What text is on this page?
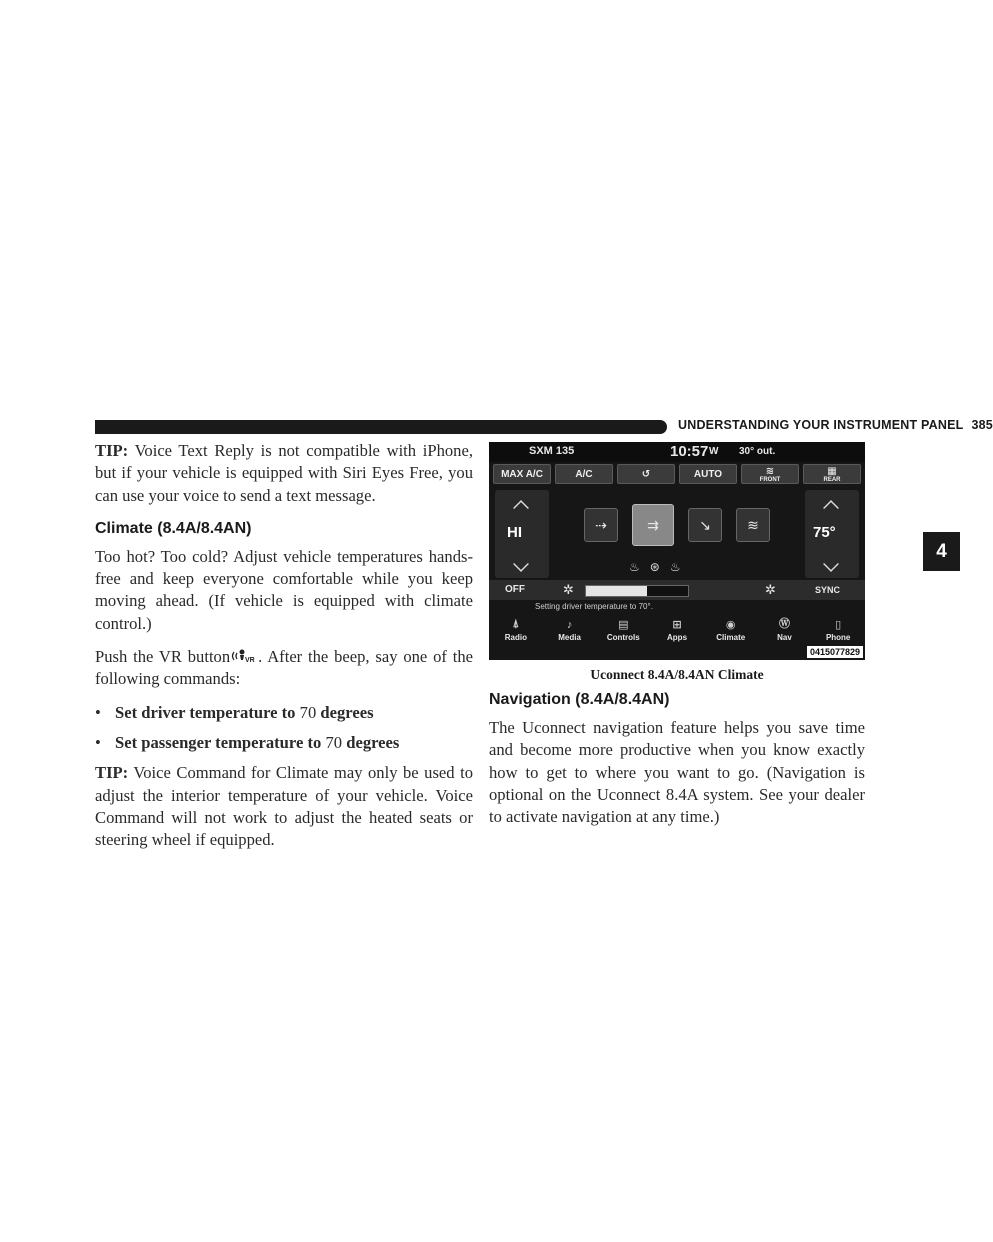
UNDERSTANDING YOUR INSTRUMENT PANEL 385
4

TIP: Voice Text Reply is not compatible with iPhone, but if your vehicle is equipped with Siri Eyes Free, you can use your voice to send a text message.

Climate (8.4A/8.4AN)

Too hot? Too cold? Adjust vehicle temperatures hands-free and keep everyone comfortable while you keep moving ahead. (If vehicle is equipped with climate control.)

Push the VR button VR . After the beep, say one of the following commands:

• Set driver temperature to 70 degrees
• Set passenger temperature to 70 degrees

TIP: Voice Command for Climate may only be used to adjust the interior temperature of your vehicle. Voice Command will not work to adjust the heated seats or steering wheel if equipped.

SXM 135	10:57 W 30° out.
MAX A/C	A/C	↺	AUTO	≋
FRONT
▦
REAR
HI	75°
⇢	⇉	↘	≋
♨⊛♨
OFF	✲	3	✲	SYNC
Setting driver temperature to 70°.
⍋
Radio
♪
Media
▤
Controls
⊞
Apps
◉
Climate
Ⓦ
Nav
▯
Phone
0415077829
Uconnect 8.4A/8.4AN Climate
Navigation (8.4A/8.4AN)

The Uconnect navigation feature helps you save time and become more productive when you know exactly how to get to where you want to go. (Navigation is optional on the Uconnect 8.4A system. See your dealer to activate navigation at any time.)
